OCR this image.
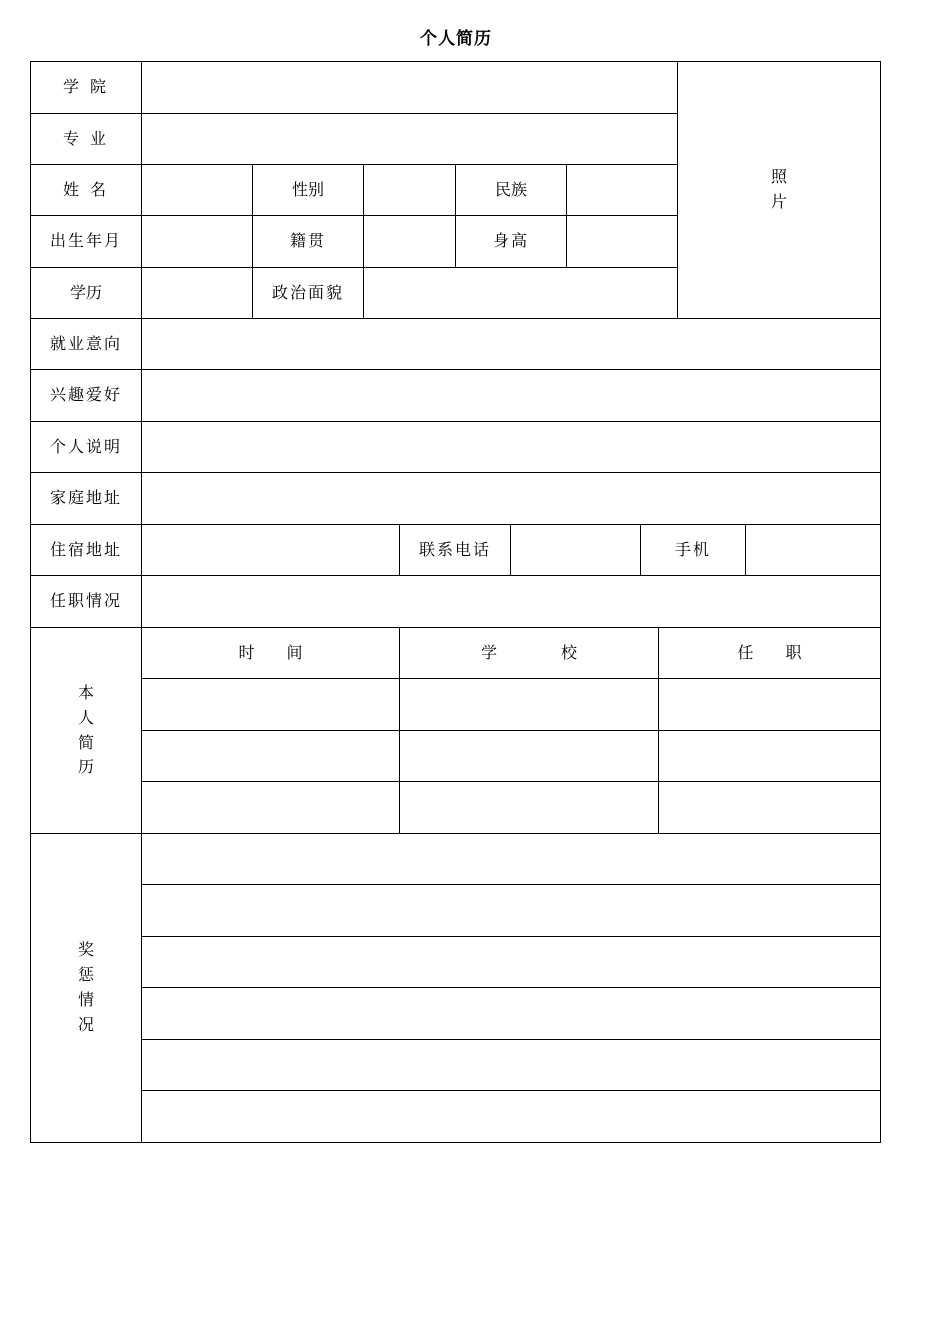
个人简历
学 院
照
片
专 业
姓 名	性别	民族
出生年月	籍贯	身高
学历	政治面貌
就业意向
兴趣爱好
个人说明
家庭地址
住宿地址	联系电话	手机
任职情况
本
人
简
历
时　　间	学　　　　校	任　　职
奖
惩
情
况
